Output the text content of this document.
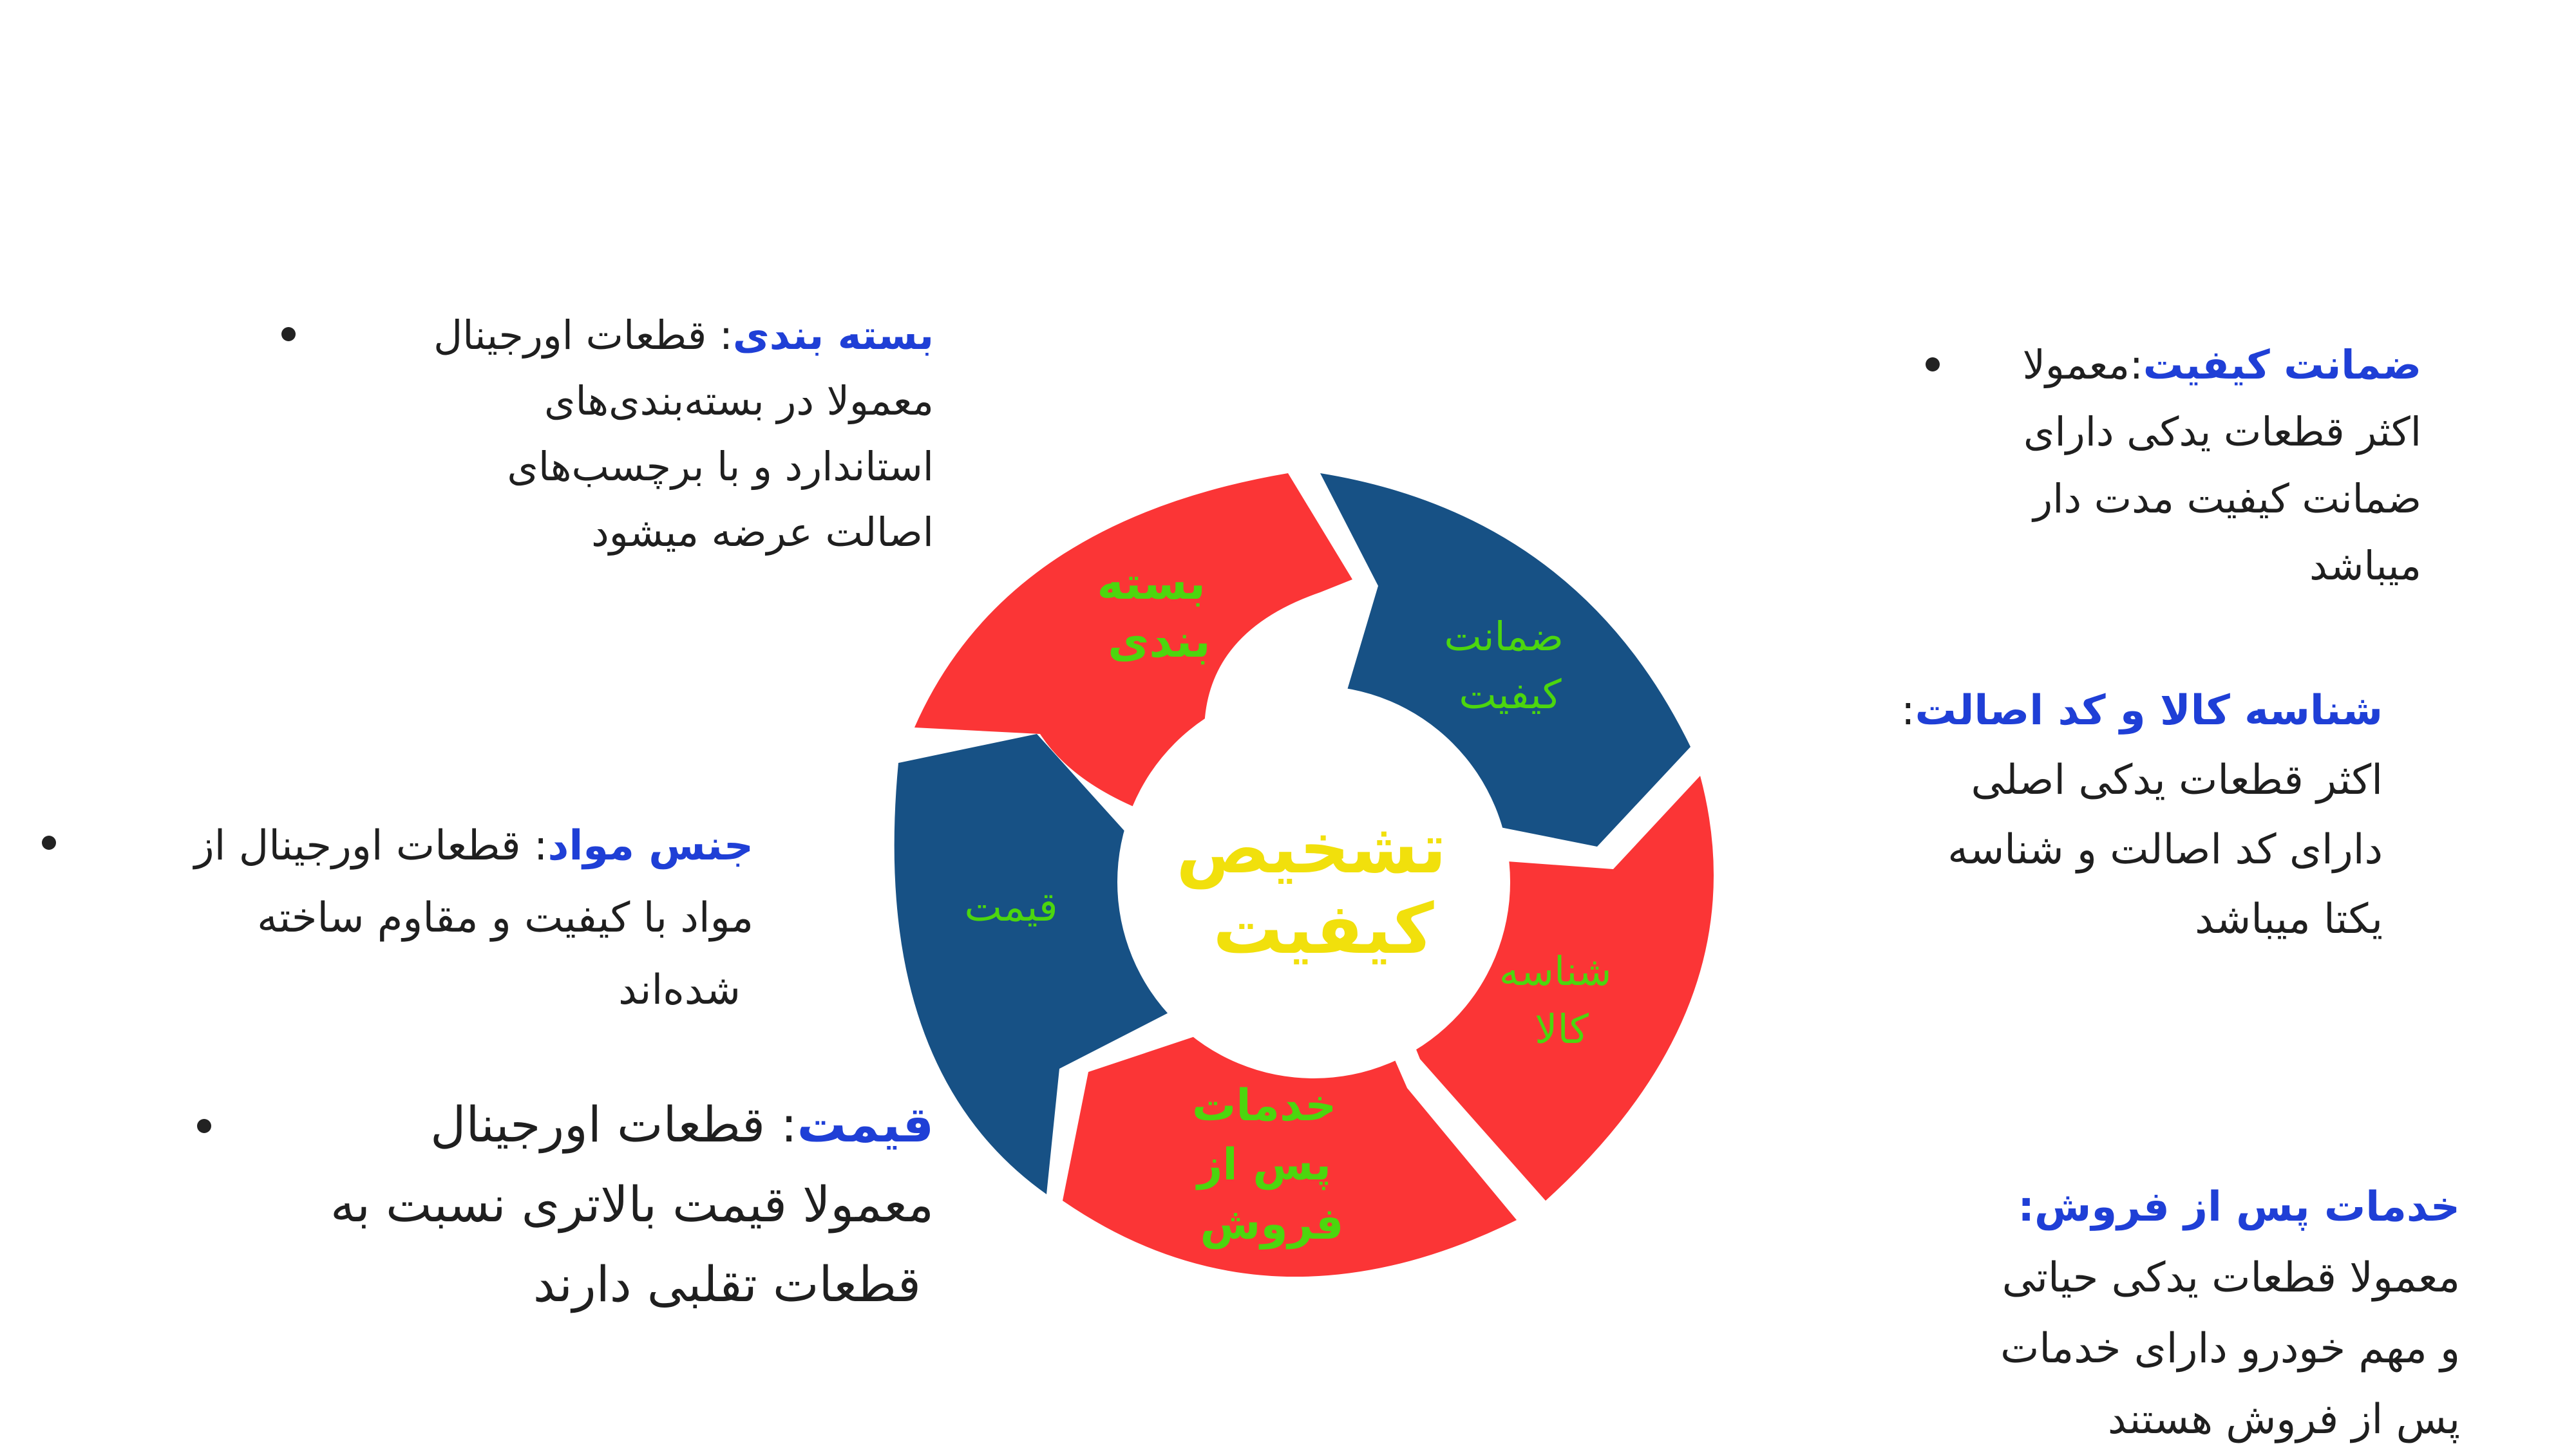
بسته بندی	ضمانت کیفیت
شناسه کالا
خدمات پس از فروش
قیمت
تشخیص کیفیت

بسته بندی: قطعات اورجینال

معمولا در بسته‌بندی‌های

استاندارد و با برچسب‌های

اصالت عرضه میشود

ضمانت کیفیت:معمولا

اکثر قطعات یدکی دارای

ضمانت کیفیت مدت دار

میباشد

شناسه کالا و کد اصالت:

اکثر قطعات یدکی اصلی

دارای کد اصالت و شناسه

یکتا میباشد

جنس مواد: قطعات اورجینال از

مواد با کیفیت و مقاوم ساخته

شده‌اند

قیمت: قطعات اورجینال

معمولا قیمت بالاتری نسبت به

قطعات تقلبی دارند

خدمات پس از فروش:

معمولا قطعات یدکی حیاتی

و مهم خودرو دارای خدمات

پس از فروش هستند
